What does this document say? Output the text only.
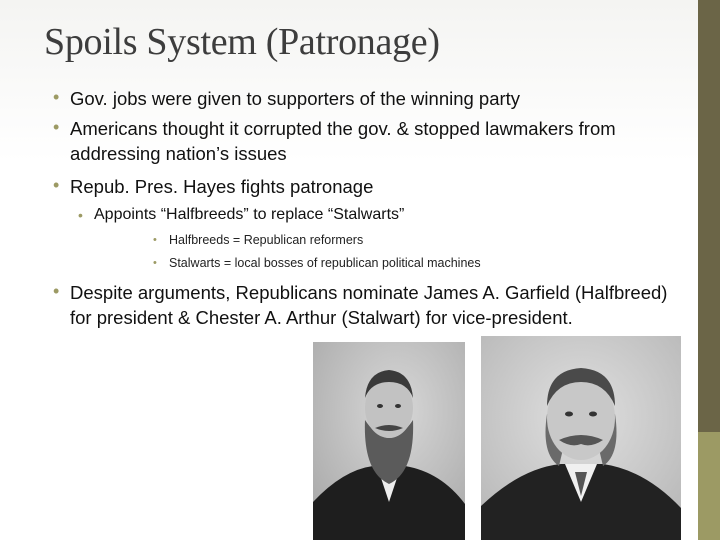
Spoils System (Patronage)

• Gov. jobs were given to supporters of the winning party

• Americans thought it corrupted the gov. & stopped lawmakers from addressing nation’s issues

• Repub. Pres. Hayes fights patronage

• Appoints “Halfbreeds” to replace “Stalwarts”

• Halfbreeds = Republican reformers

• Stalwarts = local bosses of republican political machines

• Despite arguments, Republicans nominate James A. Garfield (Halfbreed) for president & Chester A. Arthur (Stalwart) for vice-president.
